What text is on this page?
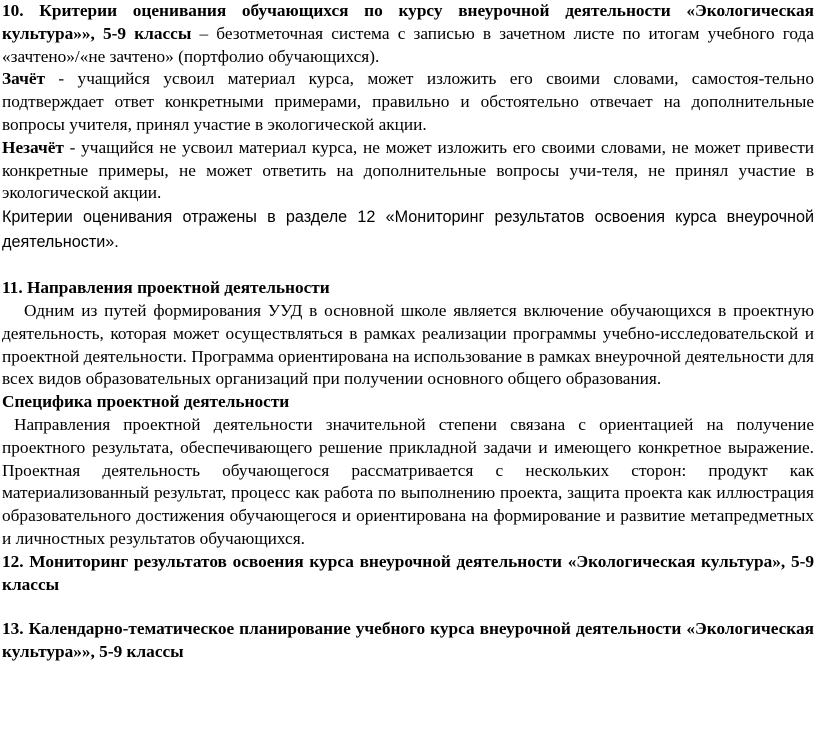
10. Критерии оценивания обучающихся по курсу внеурочной деятельности «Экологическая культура»», 5-9 классы – безотметочная система с записью в зачетном листе по итогам учебного года «зачтено»/«не зачтено» (портфолио обучающихся).

Зачёт - учащийся усвоил материал курса, может изложить его своими словами, самостоя-тельно подтверждает ответ конкретными примерами, правильно и обстоятельно отвечает на дополнительные вопросы учителя, принял участие в экологической акции.

Незачёт - учащийся не усвоил материал курса, не может изложить его своими словами, не может привести конкретные примеры, не может ответить на дополнительные вопросы учи-теля, не принял участие в экологической акции.

Критерии оценивания отражены в разделе 12 «Мониторинг результатов освоения курса внеурочной деятельности».

11. Направления проектной деятельности

Одним из путей формирования УУД в основной школе является включение обучающихся в проектную деятельность, которая может осуществляться в рамках реализации программы учебно-исследовательской и проектной деятельности. Программа ориентирована на использование в рамках внеурочной деятельности для всех видов образовательных организаций при получении основного общего образования.

Специфика проектной деятельности

Направления проектной деятельности значительной степени связана с ориентацией на получение проектного результата, обеспечивающего решение прикладной задачи и имеющего конкретное выражение. Проектная деятельность обучающегося рассматривается с нескольких сторон: продукт как материализованный результат, процесс как работа по выполнению проекта, защита проекта как иллюстрация образовательного достижения обучающегося и ориентирована на формирование и развитие метапредметных и личностных результатов обучающихся.

12. Мониторинг результатов освоения курса внеурочной деятельности «Экологическая культура», 5-9 классы

13. Календарно-тематическое планирование учебного курса внеурочной деятельности «Экологическая культура»», 5-9 классы
